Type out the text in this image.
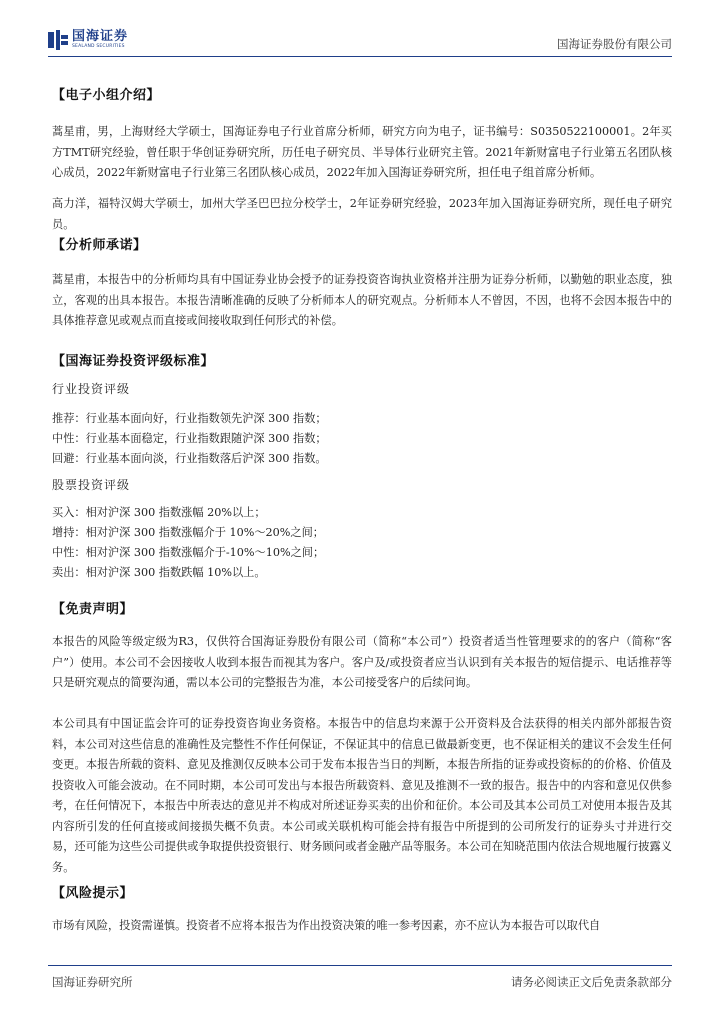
国海证券
SEALAND SECURITIES	国海证券股份有限公司
【电子小组介绍】

蒿星甫，男，上海财经大学硕士，国海证券电子行业首席分析师，研究方向为电子，证书编号：S0350522100001。2年买方TMT研究经验，曾任职于华创证券研究所，历任电子研究员、半导体行业研究主管。2021年新财富电子行业第五名团队核心成员，2022年新财富电子行业第三名团队核心成员，2022年加入国海证券研究所，担任电子组首席分析师。

高力洋，福特汉姆大学硕士，加州大学圣巴巴拉分校学士，2年证券研究经验，2023年加入国海证券研究所，现任电子研究员。

【分析师承诺】

蒿星甫，本报告中的分析师均具有中国证券业协会授予的证券投资咨询执业资格并注册为证券分析师，以勤勉的职业态度，独立，客观的出具本报告。本报告清晰准确的反映了分析师本人的研究观点。分析师本人不曾因，不因，也将不会因本报告中的具体推荐意见或观点而直接或间接收取到任何形式的补偿。

【国海证券投资评级标准】
行业投资评级
推荐：行业基本面向好，行业指数领先沪深 300 指数；
中性：行业基本面稳定，行业指数跟随沪深 300 指数；
回避：行业基本面向淡，行业指数落后沪深 300 指数。
股票投资评级
买入：相对沪深 300 指数涨幅 20%以上；
增持：相对沪深 300 指数涨幅介于 10%～20%之间；
中性：相对沪深 300 指数涨幅介于-10%～10%之间；
卖出：相对沪深 300 指数跌幅 10%以上。
【免责声明】

本报告的风险等级定级为R3，仅供符合国海证券股份有限公司（简称“本公司”）投资者适当性管理要求的的客户（简称“客户”）使用。本公司不会因接收人收到本报告而视其为客户。客户及/或投资者应当认识到有关本报告的短信提示、电话推荐等只是研究观点的简要沟通，需以本公司的完整报告为准，本公司接受客户的后续问询。

本公司具有中国证监会许可的证券投资咨询业务资格。本报告中的信息均来源于公开资料及合法获得的相关内部外部报告资料，本公司对这些信息的准确性及完整性不作任何保证，不保证其中的信息已做最新变更，也不保证相关的建议不会发生任何变更。本报告所载的资料、意见及推测仅反映本公司于发布本报告当日的判断，本报告所指的证券或投资标的的价格、价值及投资收入可能会波动。在不同时期，本公司可发出与本报告所载资料、意见及推测不一致的报告。报告中的内容和意见仅供参考，在任何情况下，本报告中所表达的意见并不构成对所述证券买卖的出价和征价。本公司及其本公司员工对使用本报告及其内容所引发的任何直接或间接损失概不负责。本公司或关联机构可能会持有报告中所提到的公司所发行的证券头寸并进行交易，还可能为这些公司提供或争取提供投资银行、财务顾问或者金融产品等服务。本公司在知晓范围内依法合规地履行披露义务。

【风险提示】

市场有风险，投资需谨慎。投资者不应将本报告为作出投资决策的唯一参考因素，亦不应认为本报告可以取代自

国海证券研究所	请务必阅读正文后免责条款部分
